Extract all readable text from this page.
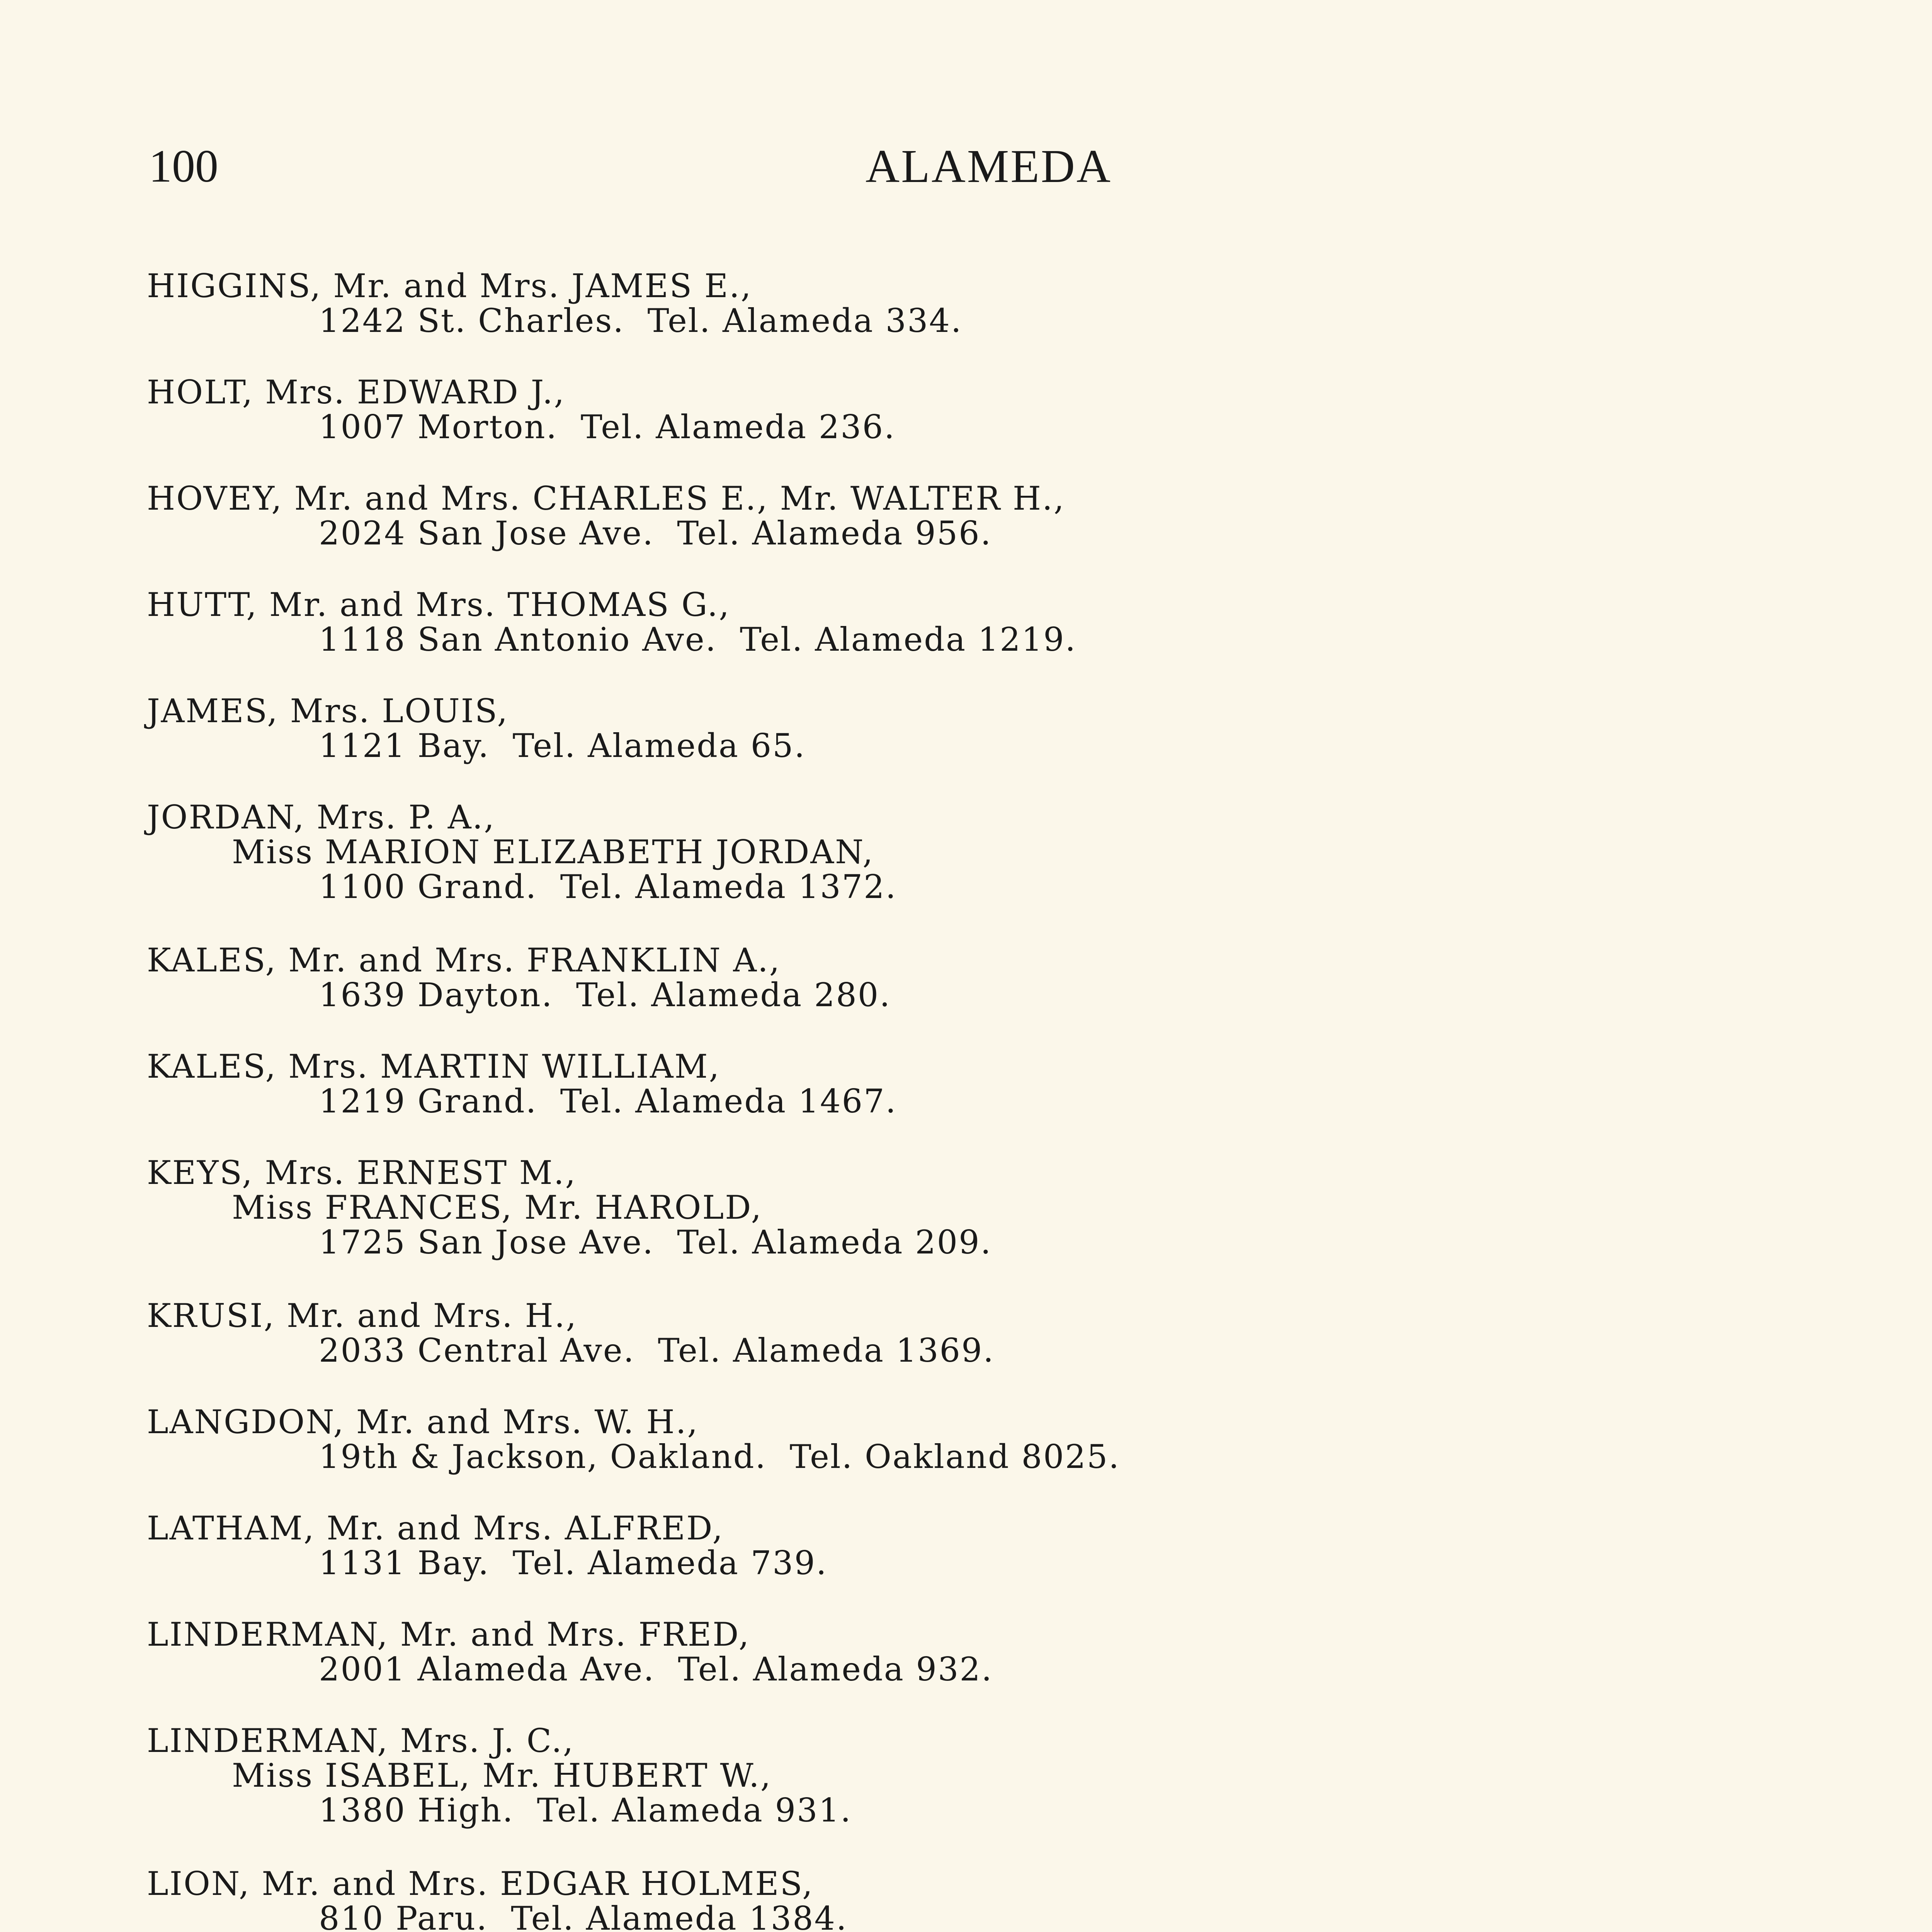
100	ALAMEDA
HIGGINS, Mr. and Mrs. JAMES E.,
1242 St. Charles.  Tel. Alameda 334.
HOLT, Mrs. EDWARD J.,
1007 Morton.  Tel. Alameda 236.
HOVEY, Mr. and Mrs. CHARLES E., Mr. WALTER H.,
2024 San Jose Ave.  Tel. Alameda 956.
HUTT, Mr. and Mrs. THOMAS G.,
1118 San Antonio Ave.  Tel. Alameda 1219.
JAMES, Mrs. LOUIS,
1121 Bay.  Tel. Alameda 65.
JORDAN, Mrs. P. A.,
Miss MARION ELIZABETH JORDAN,
1100 Grand.  Tel. Alameda 1372.
KALES, Mr. and Mrs. FRANKLIN A.,
1639 Dayton.  Tel. Alameda 280.
KALES, Mrs. MARTIN WILLIAM,
1219 Grand.  Tel. Alameda 1467.
KEYS, Mrs. ERNEST M.,
Miss FRANCES, Mr. HAROLD,
1725 San Jose Ave.  Tel. Alameda 209.
KRUSI, Mr. and Mrs. H.,
2033 Central Ave.  Tel. Alameda 1369.
LANGDON, Mr. and Mrs. W. H.,
19th & Jackson, Oakland.  Tel. Oakland 8025.
LATHAM, Mr. and Mrs. ALFRED,
1131 Bay.  Tel. Alameda 739.
LINDERMAN, Mr. and Mrs. FRED,
2001 Alameda Ave.  Tel. Alameda 932.
LINDERMAN, Mrs. J. C.,
Miss ISABEL, Mr. HUBERT W.,
1380 High.  Tel. Alameda 931.
LION, Mr. and Mrs. EDGAR HOLMES,
810 Paru.  Tel. Alameda 1384.
